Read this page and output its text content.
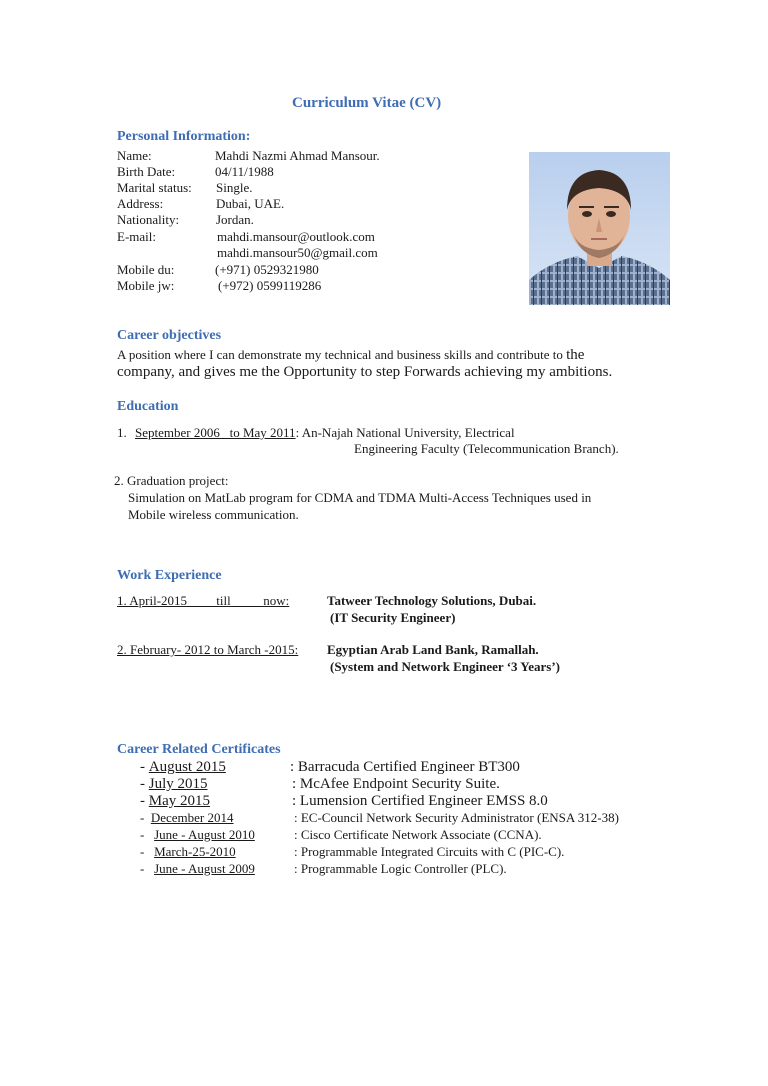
Curriculum Vitae (CV)
Personal Information:
Name:	Mahdi Nazmi Ahmad Mansour.
Birth Date:	04/11/1988
Marital status: Single.
Address:	Dubai, UAE.
Nationality:	Jordan.
E-mail:	mahdi.mansour@outlook.com
mahdi.mansour50@gmail.com
Mobile du:	(+971) 0529321980
Mobile jw:	(+972) 0599119286
Career objectives
A position where I can demonstrate my technical and business skills and contribute to the
company, and gives me the Opportunity to step Forwards achieving my ambitions.
Education
1. September 2006   to May 2011: An-Najah National University, Electrical
Engineering Faculty (Telecommunication Branch).
2. Graduation project:
Simulation on MatLab program for CDMA and TDMA Multi-Access Techniques used in
Mobile wireless communication.
Work Experience
1. April-2015         till          now:	Tatweer Technology Solutions, Dubai.
(IT Security Engineer)
2. February- 2012 to March -2015: Egyptian Arab Land Bank, Ramallah.
(System and Network Engineer ‘3 Years’)
Career Related Certificates
- August 2015	: Barracuda Certified Engineer BT300
- July 2015	: McAfee Endpoint Security Suite.
- May 2015	: Lumension Certified Engineer EMSS 8.0
-  December 2014	: EC-Council Network Security Administrator (ENSA 312-38)
-   June - August 2010	: Cisco Certificate Network Associate (CCNA).
-   March-25-2010	: Programmable Integrated Circuits with C (PIC-C).
-   June - August 2009	: Programmable Logic Controller (PLC).
